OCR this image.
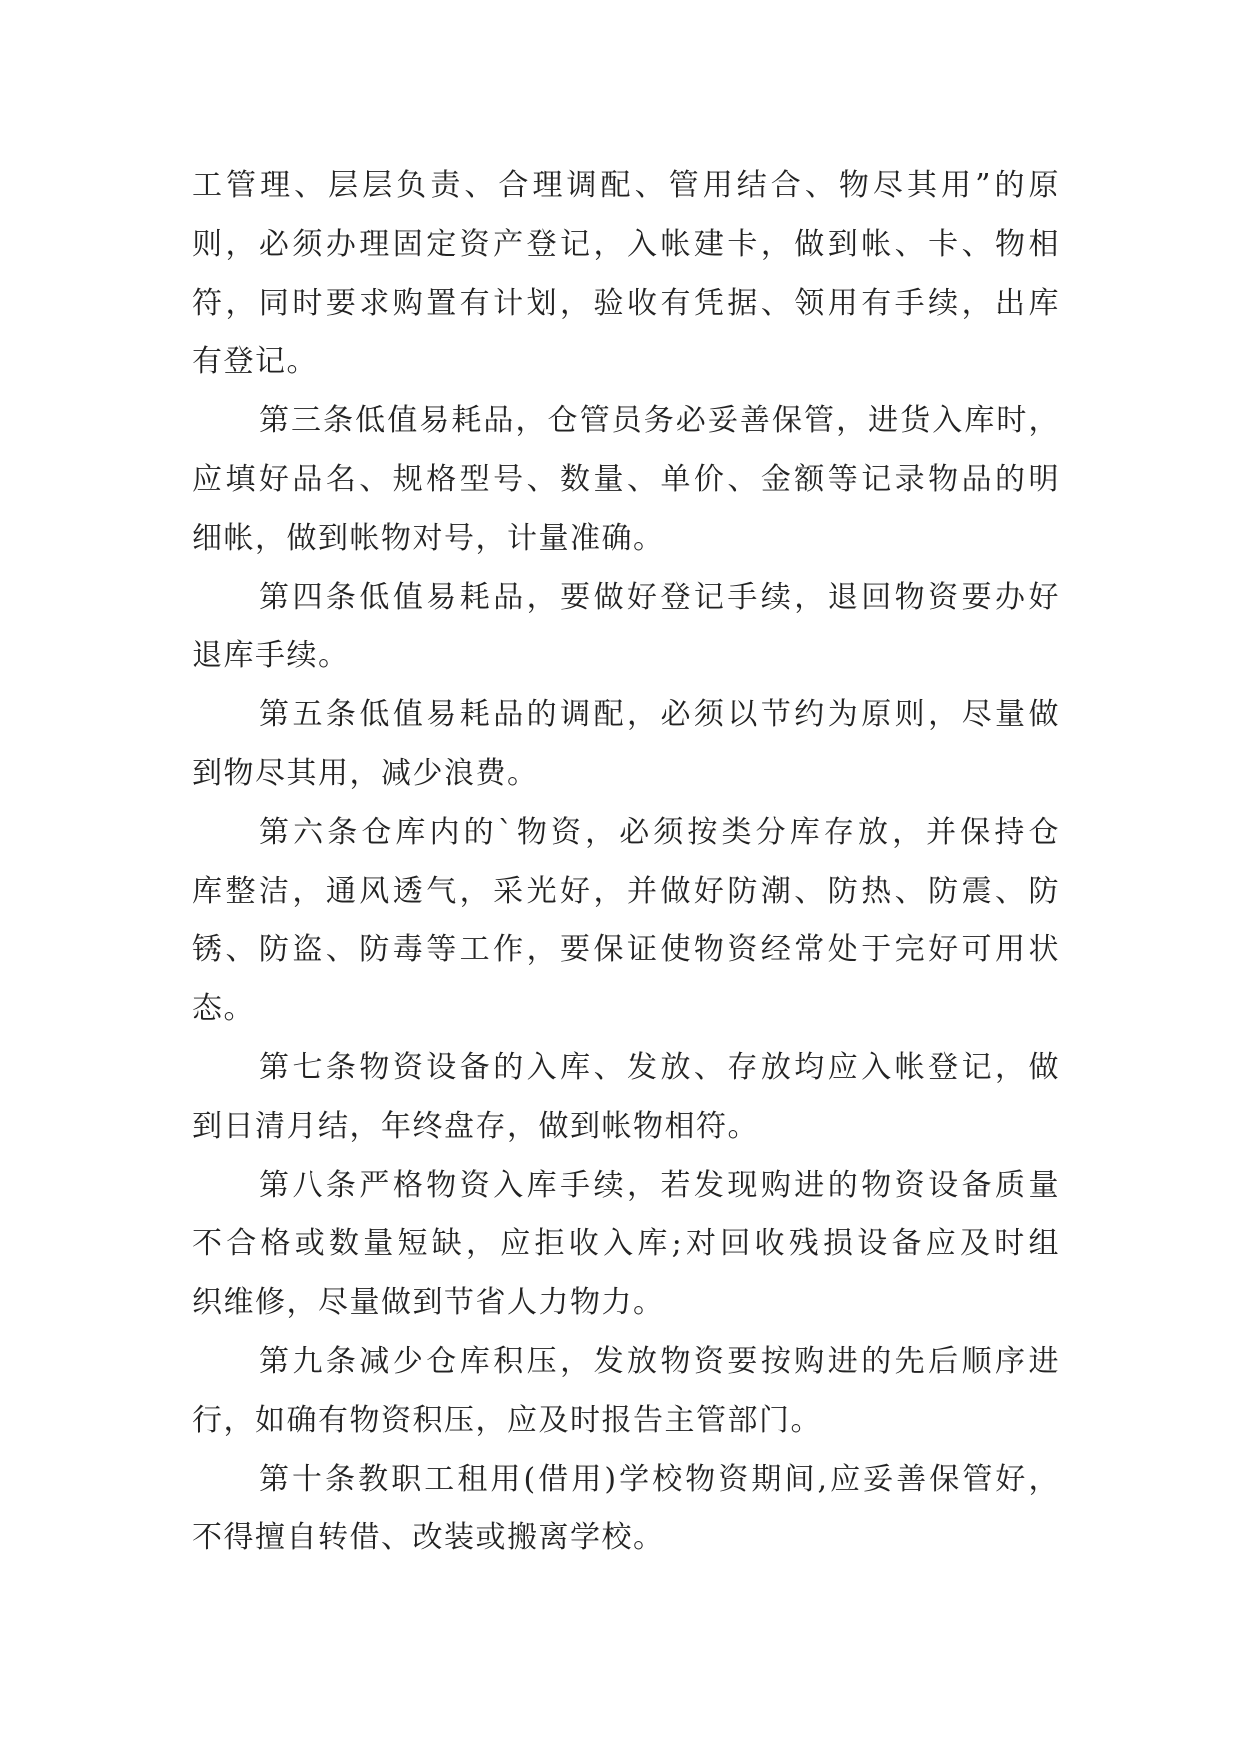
工管理、层层负责、合理调配、管用结合、物尽其用”的原
则，必须办理固定资产登记，入帐建卡，做到帐、卡、物相
符，同时要求购置有计划，验收有凭据、领用有手续，出库
有登记。
第三条低值易耗品，仓管员务必妥善保管，进货入库时，
应填好品名、规格型号、数量、单价、金额等记录物品的明
细帐，做到帐物对号，计量准确。
第四条低值易耗品，要做好登记手续，退回物资要办好
退库手续。
第五条低值易耗品的调配，必须以节约为原则，尽量做
到物尽其用，减少浪费。
第六条仓库内的`物资，必须按类分库存放，并保持仓
库整洁，通风透气，采光好，并做好防潮、防热、防震、防
锈、防盗、防毒等工作，要保证使物资经常处于完好可用状
态。
第七条物资设备的入库、发放、存放均应入帐登记，做
到日清月结，年终盘存，做到帐物相符。
第八条严格物资入库手续，若发现购进的物资设备质量
不合格或数量短缺，应拒收入库;对回收残损设备应及时组
织维修，尽量做到节省人力物力。
第九条减少仓库积压，发放物资要按购进的先后顺序进
行，如确有物资积压，应及时报告主管部门。
第十条教职工租用(借用)学校物资期间,应妥善保管好，
不得擅自转借、改装或搬离学校。
